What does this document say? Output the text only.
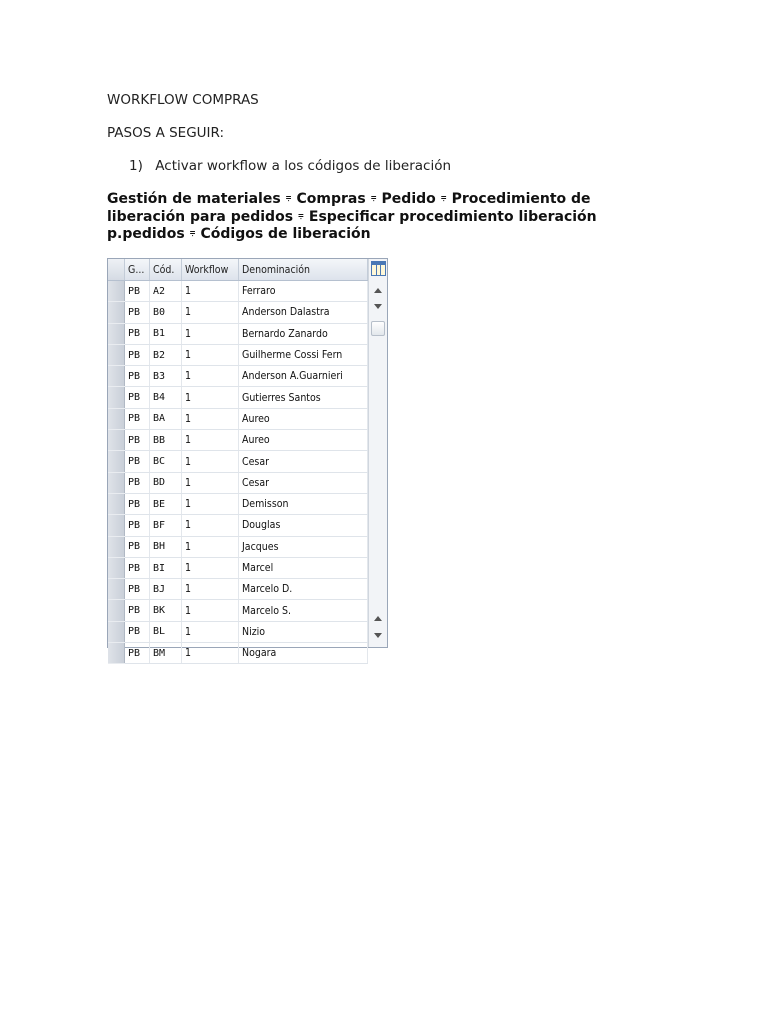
WORKFLOW COMPRAS
PASOS A SEGUIR:
1) Activar workflow a los códigos de liberación
Gestión de materiales ⩦ Compras ⩦ Pedido ⩦ Procedimiento de liberación para pedidos ⩦ Especificar procedimiento liberación p.pedidos ⩦ Códigos de liberación
	G...	Cód.	Workflow	Denominación
	PB	A2	1	Ferraro
	PB	B0	1	Anderson Dalastra
	PB	B1	1	Bernardo Zanardo
	PB	B2	1	Guilherme Cossi Fern
	PB	B3	1	Anderson A.Guarnieri
	PB	B4	1	Gutierres Santos
	PB	BA	1	Aureo
	PB	BB	1	Aureo
	PB	BC	1	Cesar
	PB	BD	1	Cesar
	PB	BE	1	Demisson
	PB	BF	1	Douglas
	PB	BH	1	Jacques
	PB	BI	1	Marcel
	PB	BJ	1	Marcelo D.
	PB	BK	1	Marcelo S.
	PB	BL	1	Nizio
	PB	BM	1	Nogara
